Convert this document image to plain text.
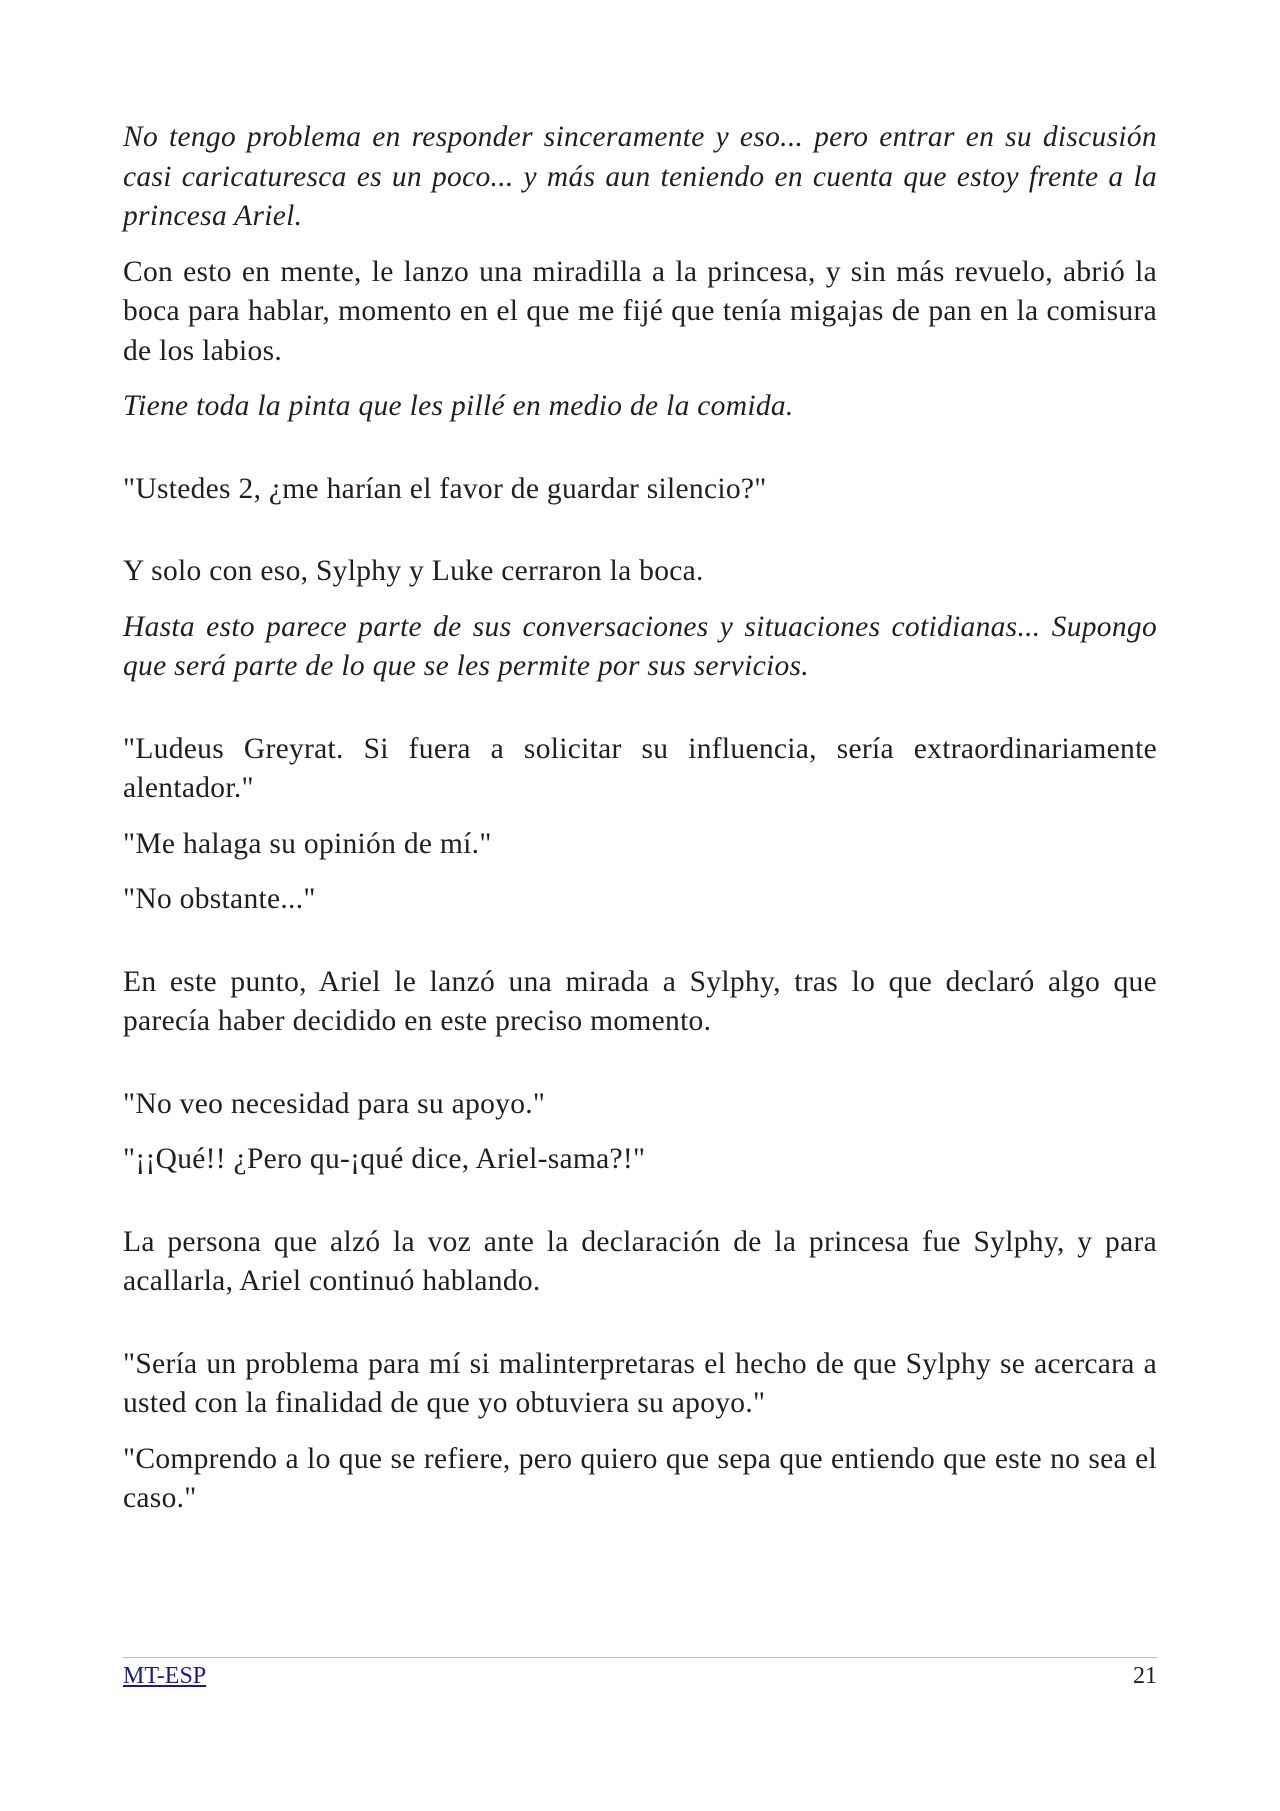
No tengo problema en responder sinceramente y eso... pero entrar en su discusión casi caricaturesca es un poco... y más aun teniendo en cuenta que estoy frente a la princesa Ariel.

Con esto en mente, le lanzo una miradilla a la princesa, y sin más revuelo, abrió la boca para hablar, momento en el que me fijé que tenía migajas de pan en la comisura de los labios.

Tiene toda la pinta que les pillé en medio de la comida.

"Ustedes 2, ¿me harían el favor de guardar silencio?"

Y solo con eso, Sylphy y Luke cerraron la boca.

Hasta esto parece parte de sus conversaciones y situaciones cotidianas... Supongo que será parte de lo que se les permite por sus servicios.

"Ludeus Greyrat. Si fuera a solicitar su influencia, sería extraordinariamente alentador."

"Me halaga su opinión de mí."

"No obstante..."

En este punto, Ariel le lanzó una mirada a Sylphy, tras lo que declaró algo que parecía haber decidido en este preciso momento.

"No veo necesidad para su apoyo."

"¡¡Qué!! ¿Pero qu-¡qué dice, Ariel-sama?!"

La persona que alzó la voz ante la declaración de la princesa fue Sylphy, y para acallarla, Ariel continuó hablando.

"Sería un problema para mí si malinterpretaras el hecho de que Sylphy se acercara a usted con la finalidad de que yo obtuviera su apoyo."

"Comprendo a lo que se refiere, pero quiero que sepa que entiendo que este no sea el caso."

MT-ESP	21
